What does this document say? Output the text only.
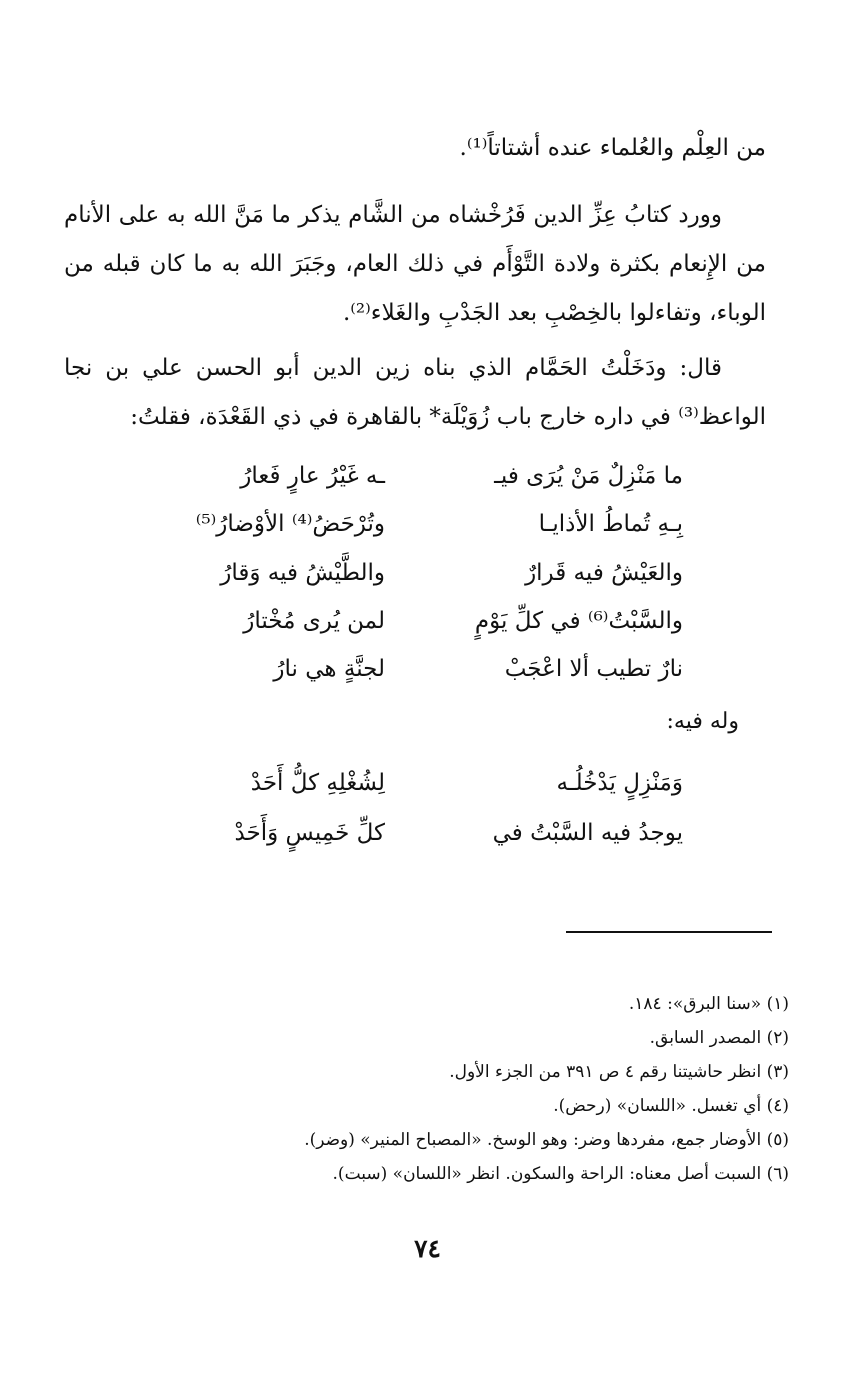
من العِلْم والعُلماء عنده أشتاتاً⁽¹⁾.
وورد كتابُ عِزِّ الدين فَرُخْشاه من الشَّام يذكر ما مَنَّ الله به على الأنام من الإِنعام بكثرة ولادة التَّوْأَم في ذلك العام، وجَبَرَ الله به ما كان قبله من الوباء، وتفاءلوا بالخِصْبِ بعد الجَدْبِ والغَلاء⁽²⁾.
قال: ودَخَلْتُ الحَمَّام الذي بناه زين الدين أبو الحسن علي بن نجا الواعظ⁽³⁾ في داره خارج باب زُوَيْلَة* بالقاهرة في ذي القَعْدَة، فقلتُ:
ما مَنْزِلٌ مَنْ يُرَى فيـ
ـه غَيْرُ عارٍ فَعارُ
بِـهِ تُماطُ الأذايـا
وتُرْحَضُ⁽⁴⁾ الأوْضارُ⁽⁵⁾
والعَيْشُ فيه قَرارٌ
والطَّيْشُ فيه وَقارُ
والسَّبْتُ⁽⁶⁾ في كلِّ يَوْمٍ
لمن يُرى مُخْتارُ
نارٌ تطيب ألا اعْجَبْ
لجنَّةٍ هي نارُ
وله فيه:
وَمَنْزِلٍ يَدْخُلُـه
لِشُغْلِهِ كلُّ أَحَدْ
يوجدُ فيه السَّبْتُ في
كلِّ خَمِيسٍ وَأَحَدْ
(١) «سنا البرق»: ١٨٤.
(٢) المصدر السابق.
(٣) انظر حاشيتنا رقم ٤ ص ٣٩١ من الجزء الأول.
(٤) أي تغسل. «اللسان» (رحض).
(٥) الأوضار جمع، مفردها وضر: وهو الوسخ. «المصباح المنير» (وضر).
(٦) السبت أصل معناه: الراحة والسكون. انظر «اللسان» (سبت).
٧٤
